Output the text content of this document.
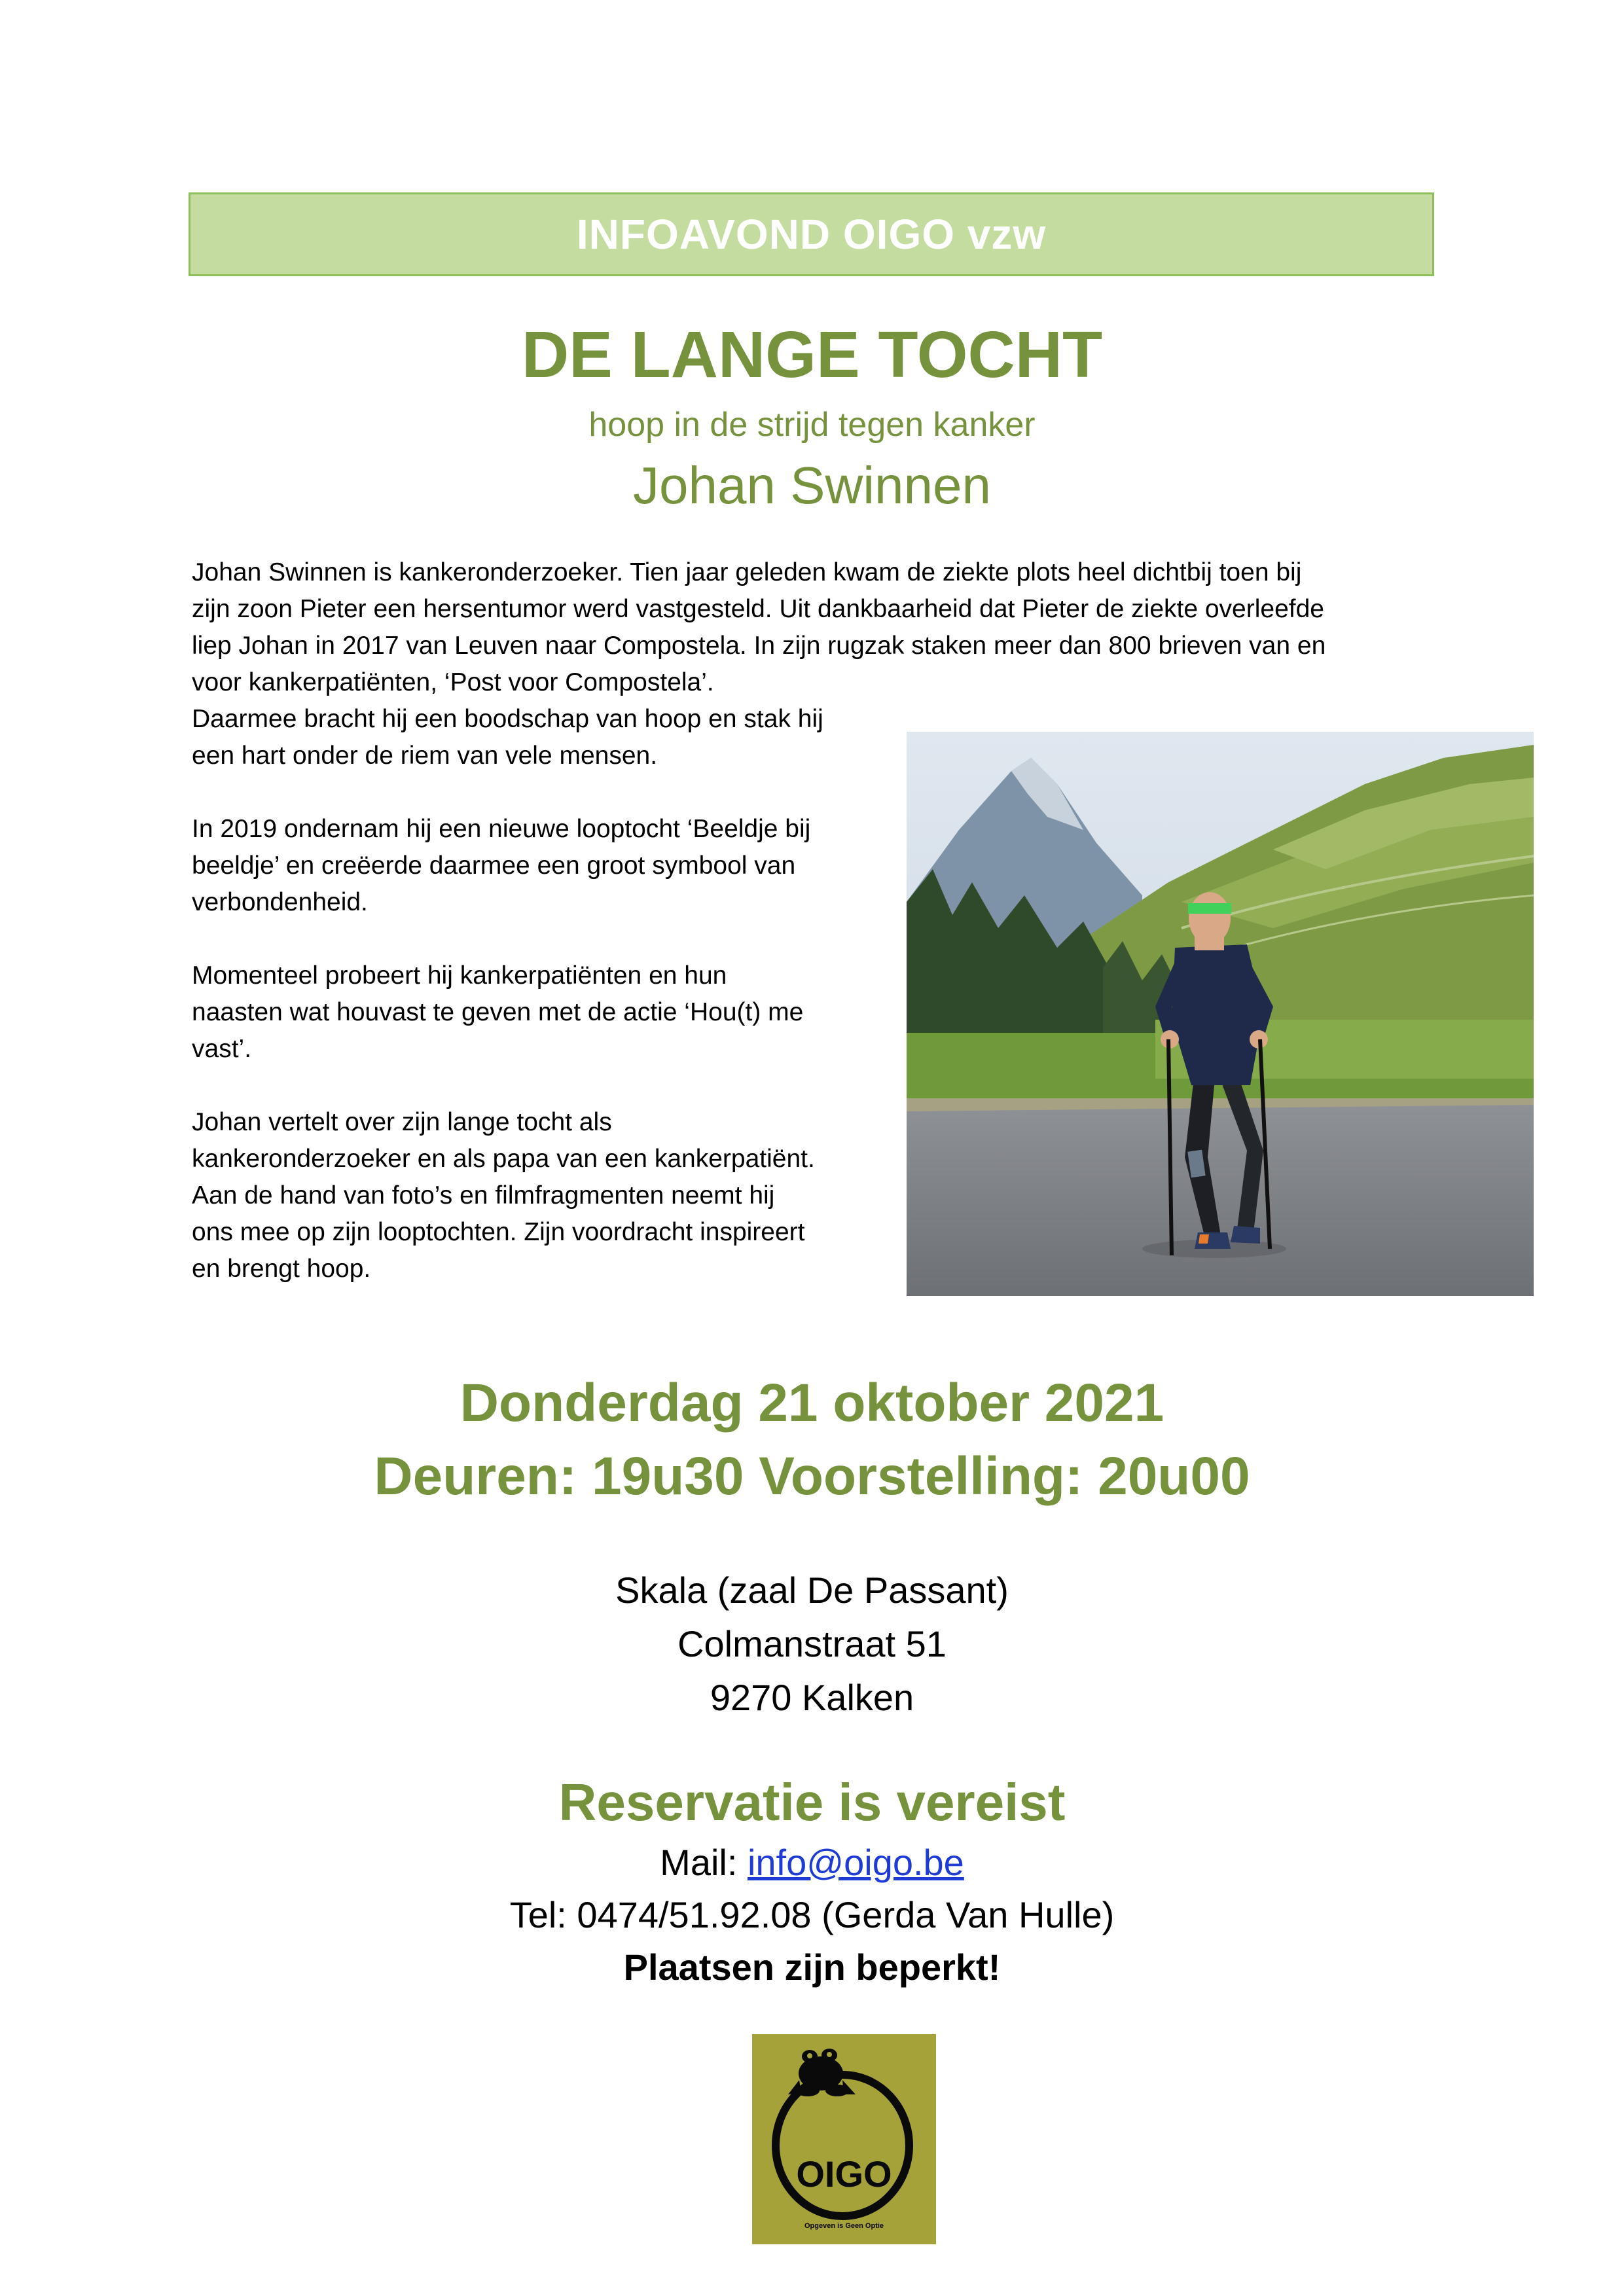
INFOAVOND OIGO vzw
DE LANGE TOCHT
hoop in de strijd tegen kanker
Johan Swinnen

Johan Swinnen is kankeronderzoeker. Tien jaar geleden kwam de ziekte plots heel dichtbij toen bij

zijn zoon Pieter een hersentumor werd vastgesteld. Uit dankbaarheid dat Pieter de ziekte overleefde

liep Johan in 2017 van Leuven naar Compostela. In zijn rugzak staken meer dan 800 brieven van en

voor kankerpatiënten, ‘Post voor Compostela’.

Daarmee bracht hij een boodschap van hoop en stak hij
een hart onder de riem van vele mensen.

In 2019 ondernam hij een nieuwe looptocht ‘Beeldje bij
beeldje’ en creëerde daarmee een groot symbool van
verbondenheid.

Momenteel probeert hij kankerpatiënten en hun
naasten wat houvast te geven met de actie ‘Hou(t) me
vast’.

Johan vertelt over zijn lange tocht als
kankeronderzoeker en als papa van een kankerpatiënt.
Aan de hand van foto’s en filmfragmenten neemt hij
ons mee op zijn looptochten. Zijn voordracht inspireert
en brengt hoop.

Donderdag 21 oktober 2021
Deuren: 19u30 Voorstelling: 20u00
Skala (zaal De Passant)
Colmanstraat 51
9270 Kalken
Reservatie is vereist
Mail: info@oigo.be
Tel: 0474/51.92.08 (Gerda Van Hulle)
Plaatsen zijn beperkt!
OIGO
Opgeven is Geen Optie
